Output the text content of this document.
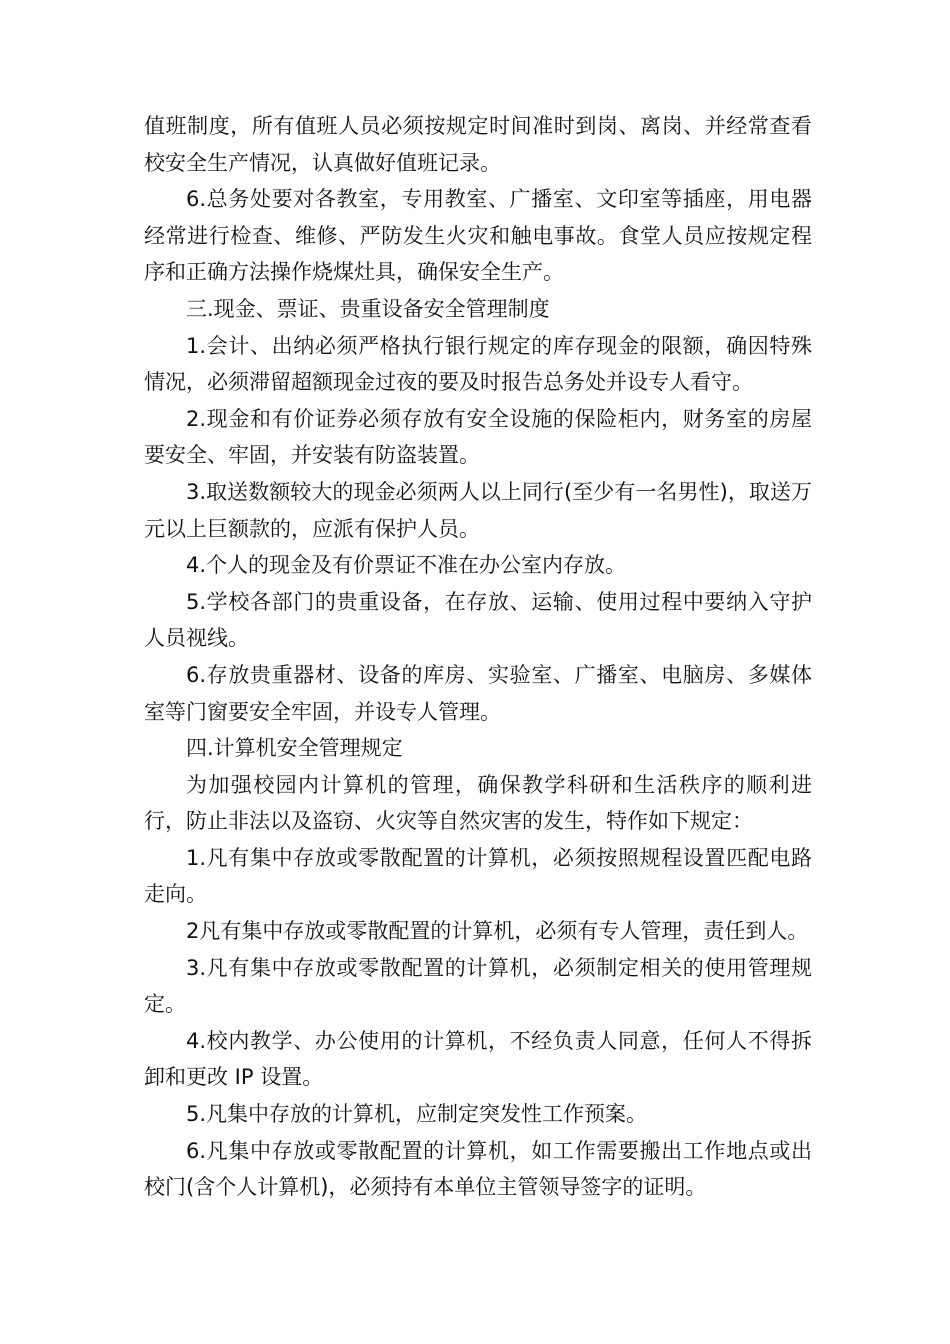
值班制度，所有值班人员必须按规定时间准时到岗、离岗、并经常查看校安全生产情况，认真做好值班记录。

6.总务处要对各教室，专用教室、广播室、文印室等插座，用电器经常进行检查、维修、严防发生火灾和触电事故。食堂人员应按规定程序和正确方法操作烧煤灶具，确保安全生产。

三.现金、票证、贵重设备安全管理制度

1.会计、出纳必须严格执行银行规定的库存现金的限额，确因特殊情况，必须滞留超额现金过夜的要及时报告总务处并设专人看守。

2.现金和有价证券必须存放有安全设施的保险柜内，财务室的房屋要安全、牢固，并安装有防盗装置。

3.取送数额较大的现金必须两人以上同行(至少有一名男性)，取送万元以上巨额款的，应派有保护人员。

4.个人的现金及有价票证不准在办公室内存放。

5.学校各部门的贵重设备，在存放、运输、使用过程中要纳入守护人员视线。

6.存放贵重器材、设备的库房、实验室、广播室、电脑房、多媒体室等门窗要安全牢固，并设专人管理。

四.计算机安全管理规定

为加强校园内计算机的管理，确保教学科研和生活秩序的顺利进行，防止非法以及盗窃、火灾等自然灾害的发生，特作如下规定：

1.凡有集中存放或零散配置的计算机，必须按照规程设置匹配电路走向。

2凡有集中存放或零散配置的计算机，必须有专人管理，责任到人。

3.凡有集中存放或零散配置的计算机，必须制定相关的使用管理规定。

4.校内教学、办公使用的计算机，不经负责人同意，任何人不得拆卸和更改 IP 设置。

5.凡集中存放的计算机，应制定突发性工作预案。

6.凡集中存放或零散配置的计算机，如工作需要搬出工作地点或出校门(含个人计算机)，必须持有本单位主管领导签字的证明。
